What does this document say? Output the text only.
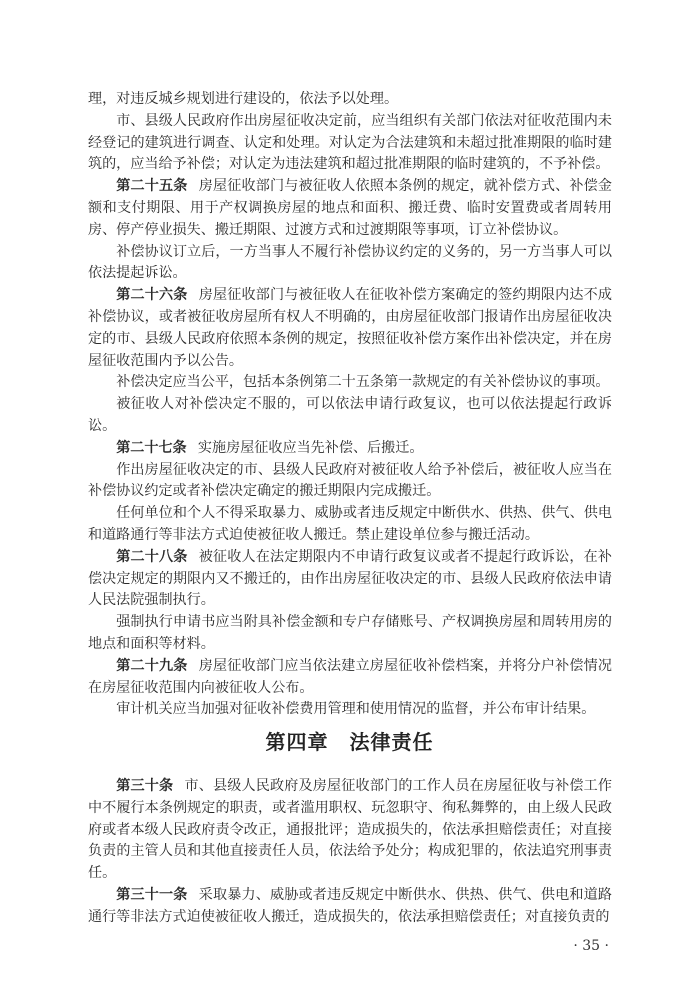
理，对违反城乡规划进行建设的，依法予以处理。

市、县级人民政府作出房屋征收决定前，应当组织有关部门依法对征收范围内未经登记的建筑进行调查、认定和处理。对认定为合法建筑和未超过批准期限的临时建筑的，应当给予补偿；对认定为违法建筑和超过批准期限的临时建筑的，不予补偿。

第二十五条 房屋征收部门与被征收人依照本条例的规定，就补偿方式、补偿金额和支付期限、用于产权调换房屋的地点和面积、搬迁费、临时安置费或者周转用房、停产停业损失、搬迁期限、过渡方式和过渡期限等事项，订立补偿协议。

补偿协议订立后，一方当事人不履行补偿协议约定的义务的，另一方当事人可以依法提起诉讼。

第二十六条 房屋征收部门与被征收人在征收补偿方案确定的签约期限内达不成补偿协议，或者被征收房屋所有权人不明确的，由房屋征收部门报请作出房屋征收决定的市、县级人民政府依照本条例的规定，按照征收补偿方案作出补偿决定，并在房屋征收范围内予以公告。

补偿决定应当公平，包括本条例第二十五条第一款规定的有关补偿协议的事项。

被征收人对补偿决定不服的，可以依法申请行政复议，也可以依法提起行政诉讼。

第二十七条 实施房屋征收应当先补偿、后搬迁。

作出房屋征收决定的市、县级人民政府对被征收人给予补偿后，被征收人应当在补偿协议约定或者补偿决定确定的搬迁期限内完成搬迁。

任何单位和个人不得采取暴力、威胁或者违反规定中断供水、供热、供气、供电和道路通行等非法方式迫使被征收人搬迁。禁止建设单位参与搬迁活动。

第二十八条 被征收人在法定期限内不申请行政复议或者不提起行政诉讼，在补偿决定规定的期限内又不搬迁的，由作出房屋征收决定的市、县级人民政府依法申请人民法院强制执行。

强制执行申请书应当附具补偿金额和专户存储账号、产权调换房屋和周转用房的地点和面积等材料。

第二十九条 房屋征收部门应当依法建立房屋征收补偿档案，并将分户补偿情况在房屋征收范围内向被征收人公布。

审计机关应当加强对征收补偿费用管理和使用情况的监督，并公布审计结果。

第四章　法律责任

第三十条 市、县级人民政府及房屋征收部门的工作人员在房屋征收与补偿工作中不履行本条例规定的职责，或者滥用职权、玩忽职守、徇私舞弊的，由上级人民政府或者本级人民政府责令改正，通报批评；造成损失的，依法承担赔偿责任；对直接负责的主管人员和其他直接责任人员，依法给予处分；构成犯罪的，依法追究刑事责任。

第三十一条 采取暴力、威胁或者违反规定中断供水、供热、供气、供电和道路通行等非法方式迫使被征收人搬迁，造成损失的，依法承担赔偿责任；对直接负责的

· 35 ·
